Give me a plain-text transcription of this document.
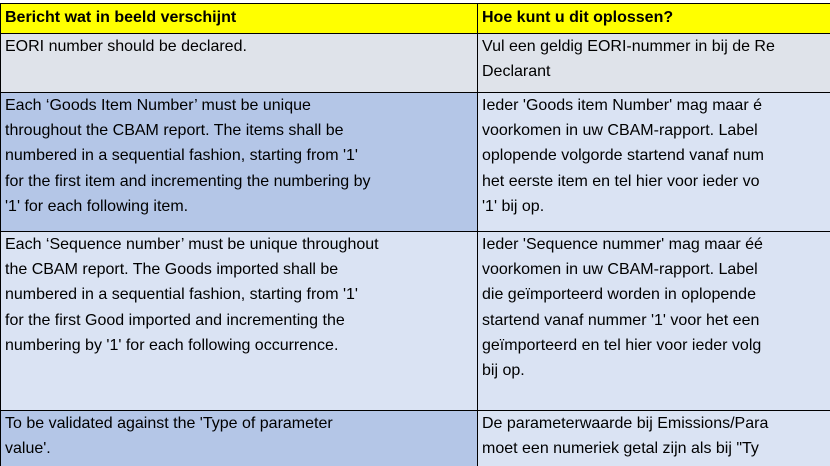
Bericht wat in beeld verschijnt	Hoe kunt u dit oplossen?
EORI number should be declared.	Vul een geldig EORI-nummer in bij de Re
Declarant
Each ‘Goods Item Number’ must be unique
throughout the CBAM report. The items shall be
numbered in a sequential fashion, starting from '1'
for the first item and incrementing the numbering by
'1' for each following item.
Ieder 'Goods item Number' mag maar é
voorkomen in uw CBAM-rapport. Label
oplopende volgorde startend vanaf num
het eerste item en tel hier voor ieder vo
'1' bij op.
Each ‘Sequence number’ must be unique throughout
the CBAM report. The Goods imported shall be
numbered in a sequential fashion, starting from '1'
for the first Good imported and incrementing the
numbering by '1' for each following occurrence.
Ieder 'Sequence nummer' mag maar éé
voorkomen in uw CBAM-rapport. Label
die geïmporteerd worden in oplopende
startend vanaf nummer '1' voor het een
geïmporteerd en tel hier voor ieder volg
bij op.
To be validated against the 'Type of parameter
value'.
De parameterwaarde bij Emissions/Para
moet een numeriek getal zijn als bij "Ty
